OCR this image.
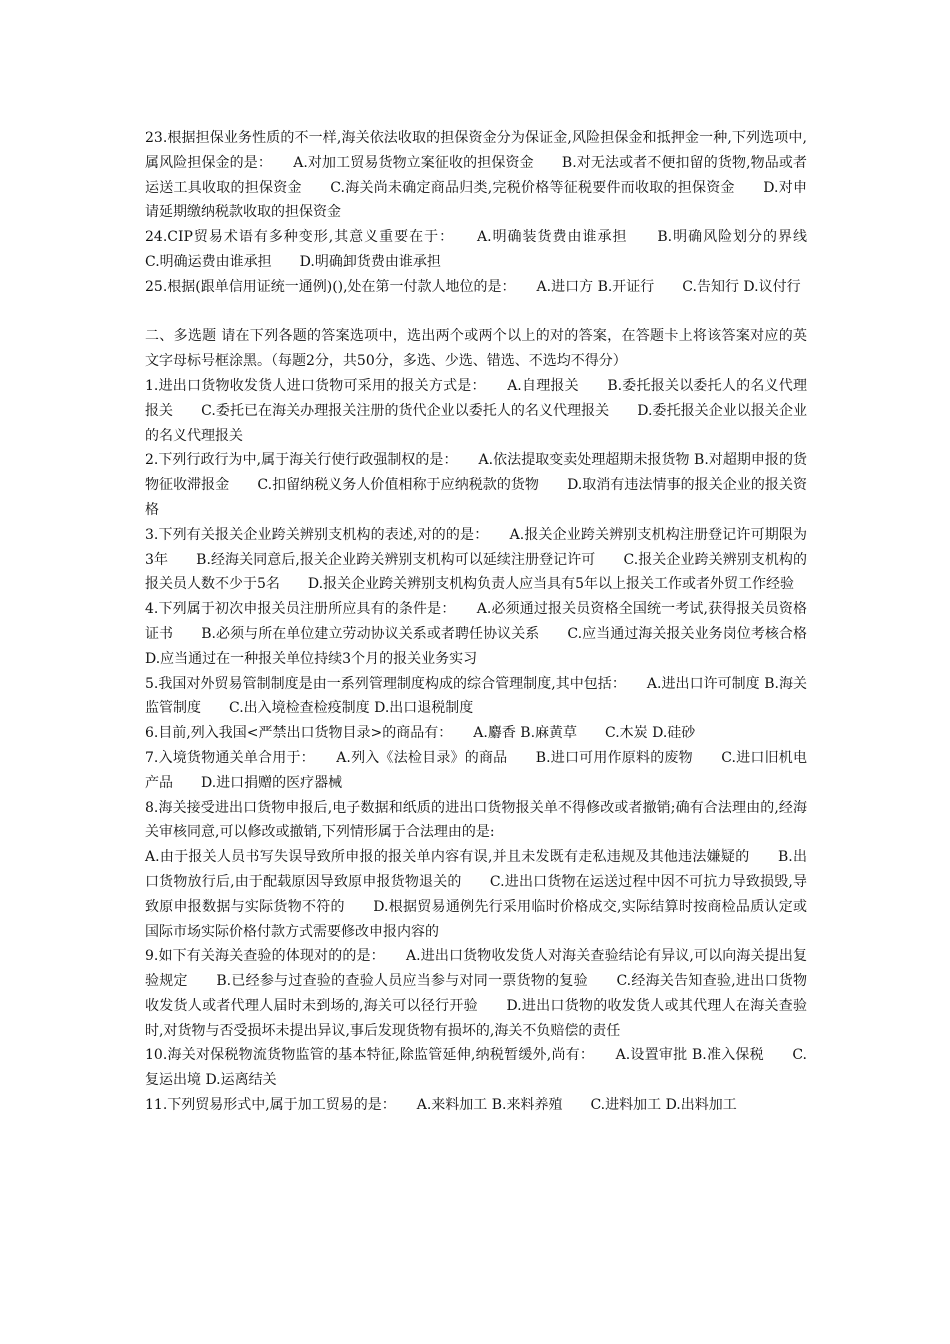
23.根据担保业务性质的不一样,海关依法收取的担保资金分为保证金,风险担保金和抵押金一种,下列选项中,属风险担保金的是：　　A.对加工贸易货物立案征收的担保资金　　B.对无法或者不便扣留的货物,物品或者运送工具收取的担保资金　　C.海关尚未确定商品归类,完税价格等征税要件而收取的担保资金　　D.对申请延期缴纳税款收取的担保资金

24.CIP贸易术语有多种变形,其意义重要在于：　　A.明确装货费由谁承担　　B.明确风险划分的界线　　C.明确运费由谁承担　　D.明确卸货费由谁承担

25.根据(跟单信用证统一通例)(),处在第一付款人地位的是：　　A.进口方 B.开证行　　C.告知行 D.议付行

二、多选题 请在下列各题的答案选项中，选出两个或两个以上的对的答案，在答题卡上将该答案对应的英文字母标号框涂黑。（每题2分，共50分，多选、少选、错选、不选均不得分）

1.进出口货物收发货人进口货物可采用的报关方式是：　　A.自理报关　　B.委托报关以委托人的名义代理报关　　C.委托已在海关办理报关注册的货代企业以委托人的名义代理报关　　D.委托报关企业以报关企业的名义代理报关

2.下列行政行为中,属于海关行使行政强制权的是：　　A.依法提取变卖处理超期未报货物 B.对超期申报的货物征收滞报金　　C.扣留纳税义务人价值相称于应纳税款的货物　　D.取消有违法情事的报关企业的报关资格

3.下列有关报关企业跨关辨别支机构的表述,对的的是：　　A.报关企业跨关辨别支机构注册登记许可期限为3年　　B.经海关同意后,报关企业跨关辨别支机构可以延续注册登记许可　　C.报关企业跨关辨别支机构的报关员人数不少于5名　　D.报关企业跨关辨别支机构负责人应当具有5年以上报关工作或者外贸工作经验

4.下列属于初次申报关员注册所应具有的条件是：　　A.必须通过报关员资格全国统一考试,获得报关员资格证书　　B.必须与所在单位建立劳动协议关系或者聘任协议关系　　C.应当通过海关报关业务岗位考核合格　　D.应当通过在一种报关单位持续3个月的报关业务实习

5.我国对外贸易管制制度是由一系列管理制度构成的综合管理制度,其中包括：　　A.进出口许可制度 B.海关监管制度　　C.出入境检查检疫制度 D.出口退税制度

6.目前,列入我国<严禁出口货物目录>的商品有：　　A.麝香 B.麻黄草　　C.木炭 D.硅砂

7.入境货物通关单合用于：　　A.列入《法检目录》的商品　　B.进口可用作原料的废物　　C.进口旧机电产品　　D.进口捐赠的医疗器械

8.海关接受进出口货物申报后,电子数据和纸质的进出口货物报关单不得修改或者撤销;确有合法理由的,经海关审核同意,可以修改或撤销,下列情形属于合法理由的是:

A.由于报关人员书写失误导致所申报的报关单内容有误,并且未发既有走私违规及其他违法嫌疑的　　B.出口货物放行后,由于配载原因导致原申报货物退关的　　C.进出口货物在运送过程中因不可抗力导致损毁,导致原申报数据与实际货物不符的　　D.根据贸易通例先行采用临时价格成交,实际结算时按商检品质认定或国际市场实际价格付款方式需要修改申报内容的

9.如下有关海关查验的体现对的的是：　　A.进出口货物收发货人对海关查验结论有异议,可以向海关提出复验规定　　B.已经参与过查验的查验人员应当参与对同一票货物的复验　　C.经海关告知查验,进出口货物收发货人或者代理人届时未到场的,海关可以径行开验　　D.进出口货物的收发货人或其代理人在海关查验时,对货物与否受损坏未提出异议,事后发现货物有损坏的,海关不负赔偿的责任

10.海关对保税物流货物监管的基本特征,除监管延伸,纳税暂缓外,尚有：　　A.设置审批 B.准入保税　　C.复运出境 D.运离结关

11.下列贸易形式中,属于加工贸易的是：　　A.来料加工 B.来料养殖　　C.进料加工 D.出料加工
